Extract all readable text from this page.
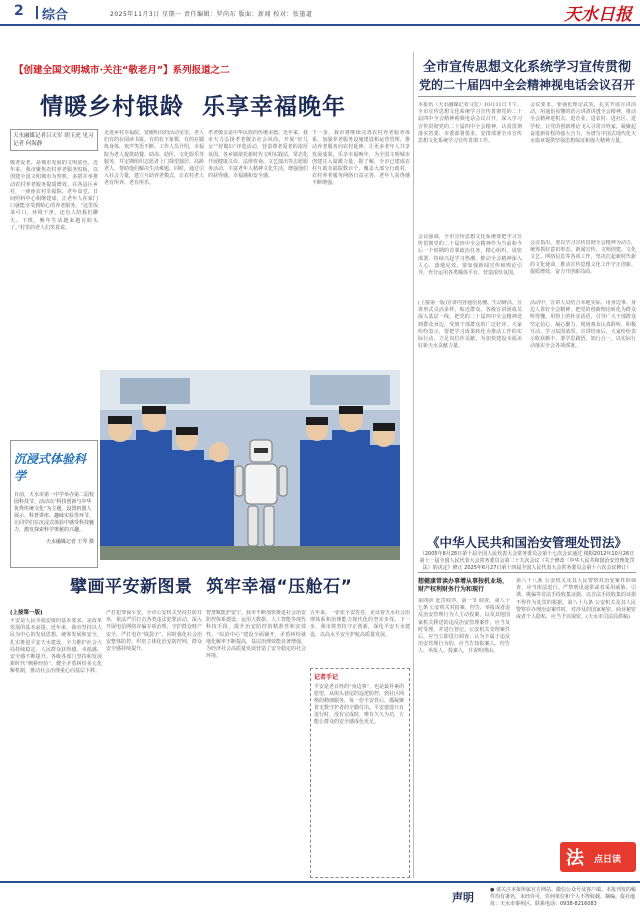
2 综合	2025年11月3日 星期一 责任编辑：罗尚东 版面：新闻 校对：张墨道	天水日报
【创建全国文明城市·关注“敬老月”】系列报道之二
情暖乡村银龄 乐享幸福晚年
天水融媒记者吕天军 胡玉虎 见习记者 何海静
敬老爱老，是城市发展的文明底色。近年来，我市聚焦农村养老服务短板，以创建全国文明城市为契机，多措并举推动农村养老服务提质增效。在各县区乡村，一座座农村幸福院、老年食堂、日间照料中心相继建成，让老年人在家门口就能享受到贴心的养老服务。“这里饭菜可口，环境干净，还有人陪我们聊天、下棋，晚年生活越来越有盼头了。”村里的老人们笑着说。
走进乡村幸福院，宽敞明亮的活动室里，老人们有的在阅读书报，有的在下象棋，有的在锻炼身体，欢声笑语不断。工作人员介绍，幸福院为老人提供助餐、助浴、助医、文化娱乐等服务，并定期组织志愿者上门探望独居、高龄老人，帮助他们解决生活难题。同时，通过引入社会力量，建立互助养老模式，让农村老人老有所养、老有所乐。
孝老敬亲是中华民族的传统美德。近年来，我市大力弘扬孝老敬亲社会风尚，开展“好儿女”“好媳妇”评选活动，营造尊老爱老的浓厚氛围。各乡镇依托新时代文明实践站，常态化开展健康义诊、法律咨询、文艺演出等志愿服务活动，丰富老年人精神文化生活，增强他们的获得感、幸福感和安全感。
下一步，我市将继续完善农村养老服务体系，加强养老服务设施建设和运营管理，推动养老服务向农村延伸，让更多老年人共享发展成果，乐享幸福晚年，为全国文明城市创建注入温暖力量。据了解，全市已建成农村互助幸福院数百个，覆盖大部分行政村，农村养老服务网络日益完善，老年人获得感不断增强。
沉浸式体验科学
日前，天水市第一中学举办第二届校园科技节。活动以“科技创新与中华优秀传统文化”为主题，设置机器人展示、科普讲座、趣味实验等环节，让同学们在沉浸式体验中感受科技魅力，激发探索科学奥秘的兴趣。
天水融媒记者 王琴 摄
擘画平安新图景 筑牢幸福“压舱石”
(上接第一版)
平安是人民幸福安康的基本要求，是改革发展的基本前提。近年来，我市坚持以人民为中心的发展思想，统筹发展和安全，扎实推进平安天水建设，全力维护社会大局持续稳定，人民群众获得感、幸福感、安全感不断提升。各级各部门坚持和发展新时代“枫桥经验”，健全矛盾纠纷多元化解机制，推动社会治理重心向基层下移。
严打犯罪保平安。全市公安机关坚持打防并举，依法严厉打击各类违法犯罪活动，深入开展电信网络诈骗专项治理，守护群众财产安全。严打电诈“钱袋子”。同时强化社会治安整体防控，织密立体化治安防控网，群众安全感持续提升。
智慧赋能护安宁。我市不断加快推进社会治安防控体系建设，运用大数据、人工智能等现代科技手段，提升治安防控的精准性和实效性。“综治中心”建设全面铺开，矛盾纠纷就地化解率不断提高，基层治理效能显著增强，为经济社会高质量发展营造了安全稳定的社会环境。
五年来，一张张平安答卷，见证着天水社会治理体系和治理能力现代化的坚实步伐。下一步，我市将坚持守正创新，深化平安天水建设，以高水平安全护航高质量发展。
记者手记
平安是老百姓的“身边事”，也是最朴素的愿望。从街头巷尾的巡逻防控，到社区网格的精细服务，每一份平安背后，都凝聚着无数守护者的辛勤付出。平安建设只有进行时，没有完成时，唯有久久为功，方能让群众的安全感成色更足。
全市宣传思想文化系统学习宣传贯彻
党的二十届四中全会精神视电话会议召开
本报讯（天水融媒记者马宏）10月31日下午，全市宣传思想文化系统学习宣传贯彻党的二十届四中全会精神视频电话会议召开，深入学习宣传贯彻党的二十届四中全会精神，认真贯彻落实省委、市委部署要求，安排部署全市宣传思想文化系统学习宣传贯彻工作。
会议要求，要强化理论武装，扎实开展宣讲活动，用通俗易懂的语言讲清讲透全会精神，推动全会精神进机关、进企业、进农村、进社区、进学校，让党的创新理论飞入寻常百姓家，凝聚起奋进新征程的强大合力，为谱写中国式现代化天水篇章提供坚强思想保证和强大精神力量。
会议强调，全市宣传思想文化系统要把学习宣传贯彻党的二十届四中全会精神作为当前和今后一个时期的首要政治任务，精心组织，周密部署，持续兴起学习热潮，推动全会精神深入人心、落地见效。要加强新闻宣传和舆论引导，充分运用各类媒体平台，营造浓厚氛围。
会议指出，要以学习宣传贯彻全会精神为动力，统筹抓好意识形态、新闻宣传、文明创建、文化文艺、网络信息等各项工作，坚决扛起新时代新的文化使命，推动宣传思想文化工作守正创新、提质增效，奋力开创新局面。
(上接第一版)宣讲内容通俗易懂、生动鲜活，宣讲形式灵活多样、贴近群众。各级宣讲团成员深入基层一线，把党的二十届四中全会精神送到群众身边，受到干部群众的广泛好评。大家纷纷表示，要把学习成果转化为推动工作的实际行动，立足岗位作贡献，为加快建设幸福美好新天水贡献力量。
活动中，宣讲人员结合本地实际，用身边事、身边人讲好全会精神，把党的创新理论转化为群众听得懂、用得上的朴实话语，引导广大干部群众坚定信心、凝心聚力。现场观众认真聆听、积极互动，学习氛围浓厚。宣讲结束后，大家纷纷表示收获颇丰，要学思践悟、知行合一，以实际行动落实全会各项部署。
《中华人民共和国治安管理处罚法》
（2005年8月28日第十届全国人民代表大会常务委员会第十七次会议通过 根据2012年10月26日第十一届全国人民代表大会常务委员会第二十九次会议《关于修改〈中华人民共和国治安管理处罚法〉的决定》修正 2025年6月27日第十四届全国人民代表大会常务委员会第十六次会议修订）
想健康常读办事增从事按机业场，财产权利财务行为和现行
第四章 处罚程序。第一节 调查。第八十七条 公安机关对报案、控告、举报或者违反治安管理行为人主动投案，以及其他国家机关移送的违反治安管理案件，应当及时受理，并进行登记。公安机关受理案件后，应当立即进行调查；认为不属于违反治安管理行为的，应当告知报案人、控告人、举报人、投案人，并说明理由。
第八十八条 公安机关及其人民警察对治安案件的调查，应当依法进行。严禁刑讯逼供或者采用威胁、引诱、欺骗等非法手段收集证据。以非法手段收集的证据不得作为处罚的根据。第八十九条 公安机关及其人民警察在办理治安案件时，对涉及的国家秘密、商业秘密或者个人隐私，应当予以保密。(天水市司法局供稿)
法 点日读
声明
● 请关注本报所属官方网站、微信公众号及客户端。本报刊发的稿件均有署名，未经许可，任何单位和个人不得转载、摘编。报社地址：天水市秦州区。联系电话：0938-8216083
